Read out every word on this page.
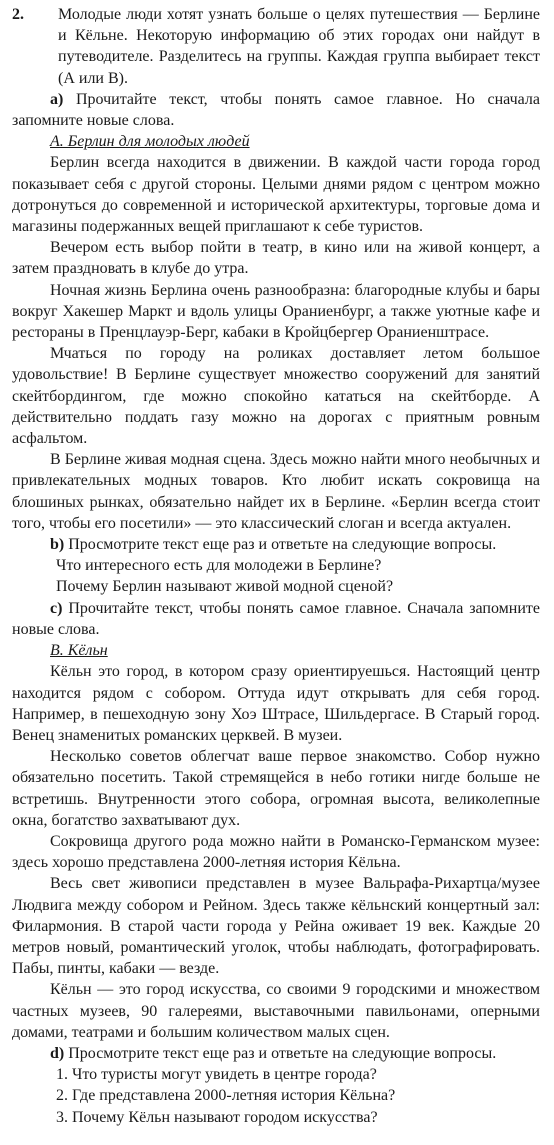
2. Молодые люди хотят узнать больше о целях путешествия — Берлине и Кёльне. Некоторую информацию об этих городах они найдут в путеводителе. Разделитесь на группы. Каждая группа выбирает текст (А или В).

а) Прочитайте текст, чтобы понять самое главное. Но сначала запомните новые слова.

А. Берлин для молодых людей

Берлин всегда находится в движении. В каждой части города город показывает себя с другой стороны. Целыми днями рядом с центром можно дотронуться до современной и исторической архитектуры, торговые дома и магазины подержанных вещей приглашают к себе туристов.

Вечером есть выбор пойти в театр, в кино или на живой концерт, а затем праздновать в клубе до утра.

Ночная жизнь Берлина очень разнообразна: благородные клубы и бары вокруг Хакешер Маркт и вдоль улицы Ораниенбург, а также уютные кафе и рестораны в Пренцлауэр-Берг, кабаки в Кройцбергер Ораниенштрасе.

Мчаться по городу на роликах доставляет летом большое удовольствие! В Берлине существует множество сооружений для занятий скейтбордингом, где можно спокойно кататься на скейтборде. А действительно поддать газу можно на дорогах с приятным ровным асфальтом.

В Берлине живая модная сцена. Здесь можно найти много необычных и привлекательных модных товаров. Кто любит искать сокровища на блошиных рынках, обязательно найдет их в Берлине. «Берлин всегда стоит того, чтобы его посетили» — это классический слоган и всегда актуален.

b) Просмотрите текст еще раз и ответьте на следующие вопросы.

Что интересного есть для молодежи в Берлине?

Почему Берлин называют живой модной сценой?

c) Прочитайте текст, чтобы понять самое главное. Сначала запомните новые слова.

B. Кёльн

Кёльн это город, в котором сразу ориентируешься. Настоящий центр находится рядом с собором. Оттуда идут открывать для себя город. Например, в пешеходную зону Хоэ Штрасе, Шильдергасе. В Старый город. Венец знаменитых романских церквей. В музеи.

Несколько советов облегчат ваше первое знакомство. Собор нужно обязательно посетить. Такой стремящейся в небо готики нигде больше не встретишь. Внутренности этого собора, огромная высота, великолепные окна, богатство захватывают дух.

Сокровища другого рода можно найти в Романско-Германском музее: здесь хорошо представлена 2000-летняя история Кёльна.

Весь свет живописи представлен в музее Вальрафа-Рихартца/музее Людвига между собором и Рейном. Здесь также кёльнский концертный зал: Филармония. В старой части города у Рейна оживает 19 век. Каждые 20 метров новый, романтический уголок, чтобы наблюдать, фотографировать. Пабы, пинты, кабаки — везде.

Кёльн — это город искусства, со своими 9 городскими и множеством частных музеев, 90 галереями, выставочными павильонами, оперными домами, театрами и большим количеством малых сцен.

d) Просмотрите текст еще раз и ответьте на следующие вопросы.

1. Что туристы могут увидеть в центре города?

2. Где представлена 2000-летняя история Кёльна?

3. Почему Кёльн называют городом искусства?
